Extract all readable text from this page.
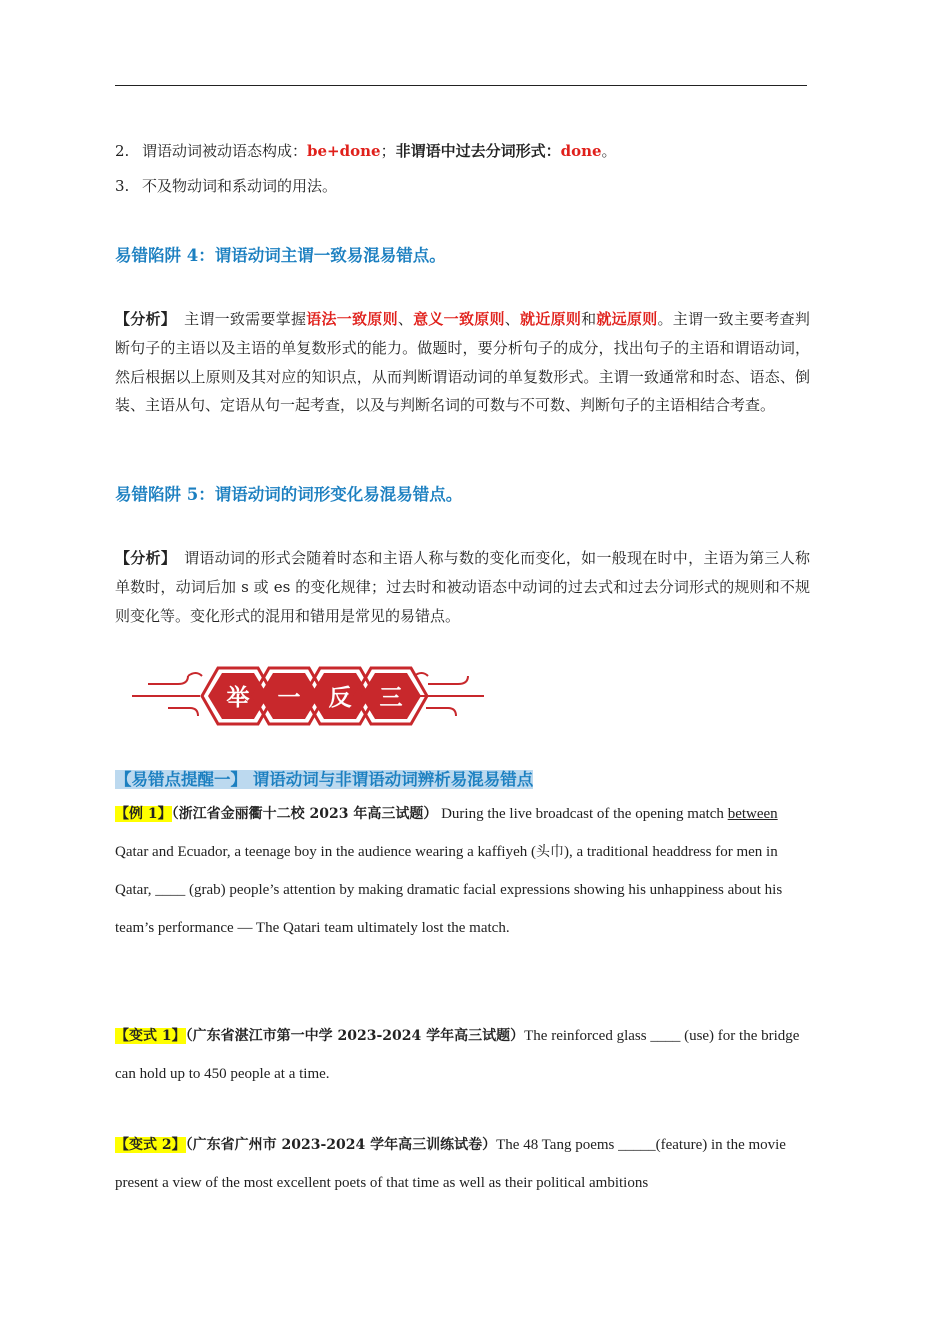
2. 谓语动词被动语态构成：be+done；非谓语中过去分词形式：done。
3. 不及物动词和系动词的用法。
易错陷阱 4：谓语动词主谓一致易混易错点。
【分析】 主谓一致需要掌握语法一致原则、意义一致原则、就近原则和就远原则。主谓一致主要考查判断句子的主语以及主语的单复数形式的能力。做题时，要分析句子的成分，找出句子的主语和谓语动词，然后根据以上原则及其对应的知识点，从而判断谓语动词的单复数形式。主谓一致通常和时态、语态、倒装、主语从句、定语从句一起考查，以及与判断名词的可数与不可数、判断句子的主语相结合考查。
易错陷阱 5：谓语动词的词形变化易混易错点。
【分析】 谓语动词的形式会随着时态和主语人称与数的变化而变化，如一般现在时中，主语为第三人称单数时，动词后加 s 或 es 的变化规律；过去时和被动语态中动词的过去式和过去分词形式的规则和不规则变化等。变化形式的混用和错用是常见的易错点。
举 一 反 三
【易错点提醒一】 谓语动词与非谓语动词辨析易混易错点
【例 1】（浙江省金丽衢十二校 2023 年高三试题） During the live broadcast of the opening match between Qatar and Ecuador, a teenage boy in the audience wearing a kaffiyeh (头巾), a traditional headdress for men in Qatar, ____ (grab) people’s attention by making dramatic facial expressions showing his unhappiness about his team’s performance — The Qatari team ultimately lost the match.
【变式 1】（广东省湛江市第一中学 2023-2024 学年高三试题）The reinforced glass ____ (use) for the bridge can hold up to 450 people at a time.
【变式 2】（广东省广州市 2023-2024 学年高三训练试卷）The 48 Tang poems _____(feature) in the movie present a view of the most excellent poets of that time as well as their political ambitions
